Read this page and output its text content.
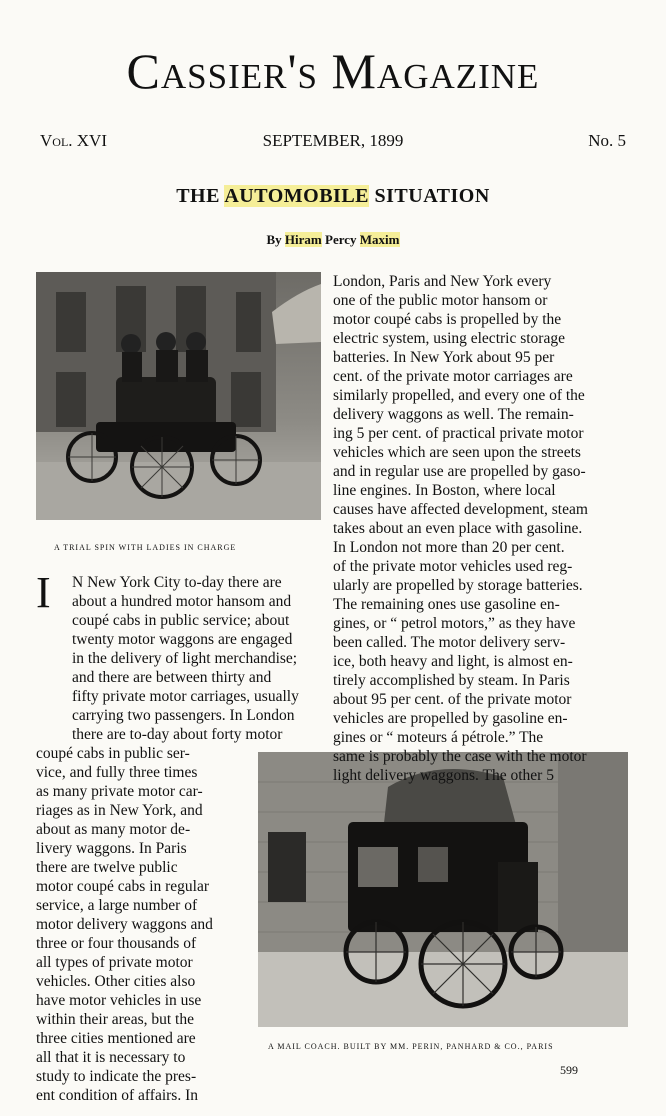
Cassier's Magazine
Vol. XVI	SEPTEMBER, 1899	No. 5
THE AUTOMOBILE SITUATION
By Hiram Percy Maxim
A TRIAL SPIN WITH LADIES IN CHARGE
A MAIL COACH. BUILT BY MM. PERIN, PANHARD & CO., PARIS
I
London, Paris and New York every
one of the public motor hansom or
motor coupé cabs is propelled by the
electric system, using electric storage
batteries. In New York about 95 per
cent. of the private motor carriages are
similarly propelled, and every one of the
delivery waggons as well. The remain-
ing 5 per cent. of practical private motor
vehicles which are seen upon the streets
and in regular use are propelled by gaso-
line engines. In Boston, where local
causes have affected development, steam
takes about an even place with gasoline.
In London not more than 20 per cent.
of the private motor vehicles used reg-
ularly are propelled by storage batteries.
The remaining ones use gasoline en-
gines, or “ petrol motors,” as they have
been called. The motor delivery serv-
ice, both heavy and light, is almost en-
tirely accomplished by steam. In Paris
about 95 per cent. of the private motor
vehicles are propelled by gasoline en-
gines or “ moteurs á pétrole.” The
same is probably the case with the motor
light delivery waggons. The other 5
N New York City to-day there are
about a hundred motor hansom and
coupé cabs in public service; about
twenty motor waggons are engaged
in the delivery of light merchandise;
and there are between thirty and
fifty private motor carriages, usually
carrying two passengers. In London
there are to-day about forty motor
coupé cabs in public ser-
vice, and fully three times
as many private motor car-
riages as in New York, and
about as many motor de-
livery waggons. In Paris
there are twelve public
motor coupé cabs in regular
service, a large number of
motor delivery waggons and
three or four thousands of
all types of private motor
vehicles. Other cities also
have motor vehicles in use
within their areas, but the
three cities mentioned are
all that it is necessary to
study to indicate the pres-
ent condition of affairs. In
599
